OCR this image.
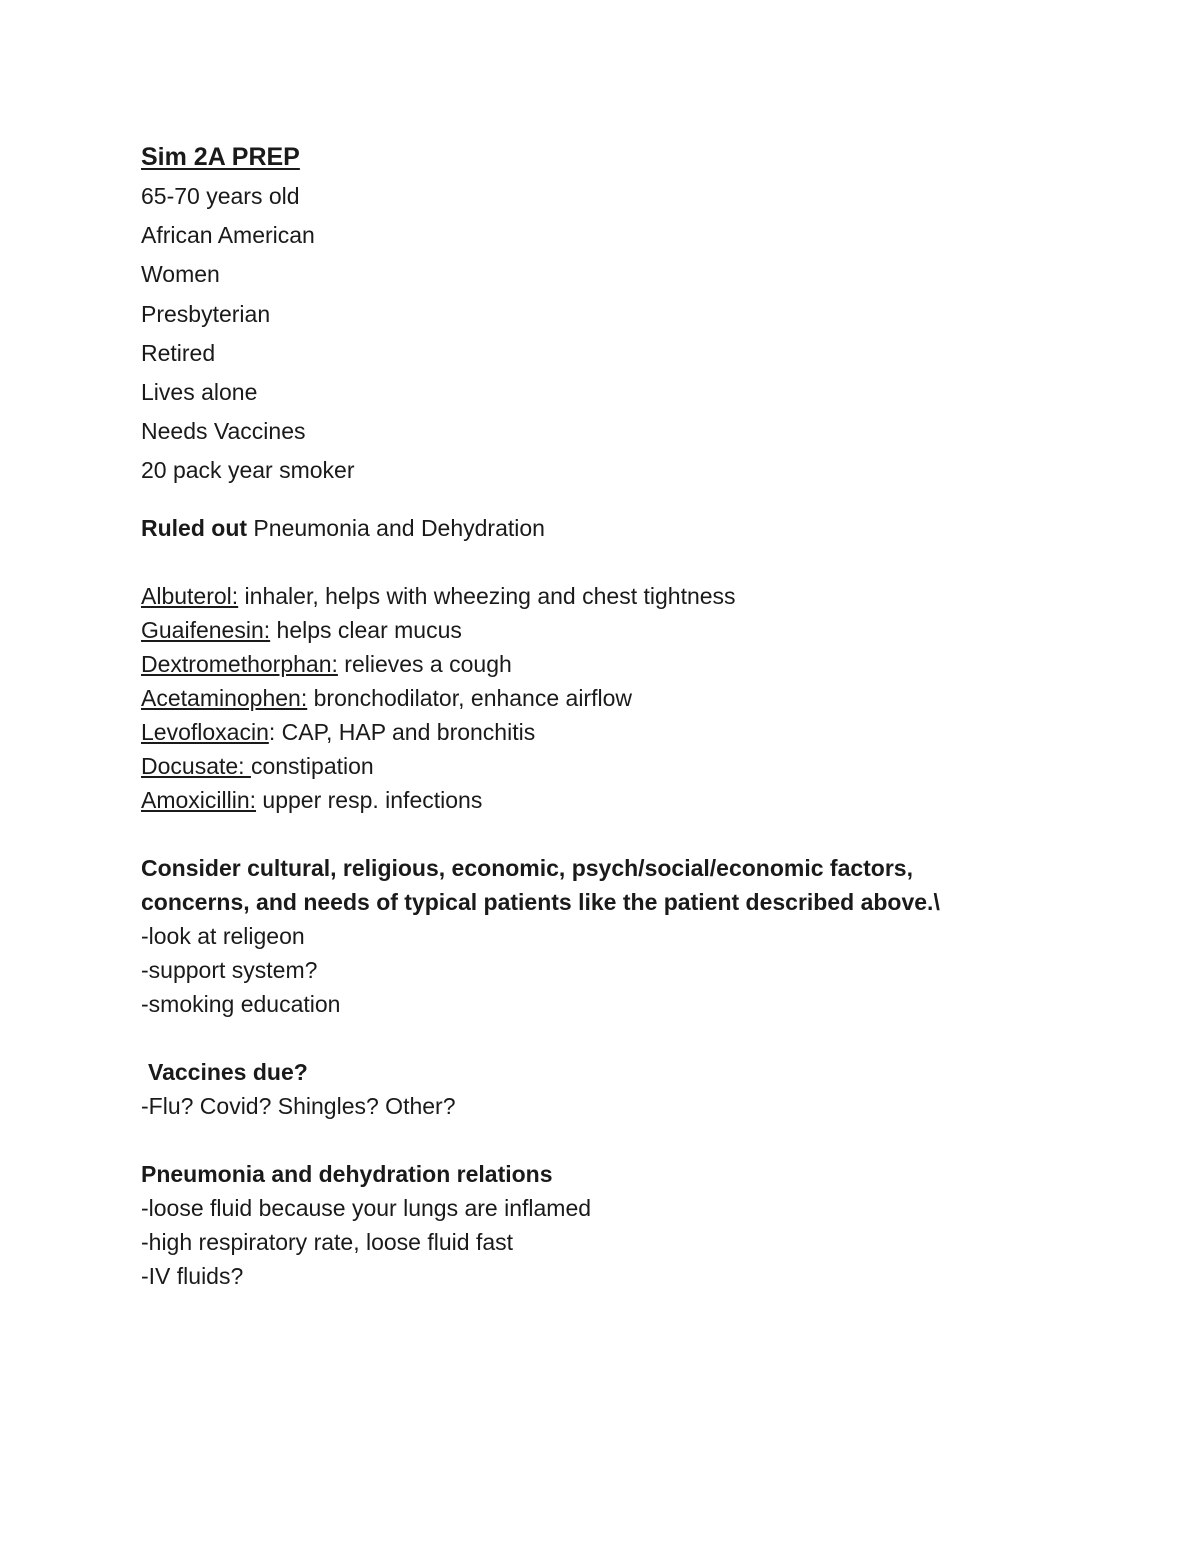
Sim 2A PREP
65-70 years old
African American
Women
Presbyterian
Retired
Lives alone
Needs Vaccines
20 pack year smoker
Ruled out Pneumonia and Dehydration
Albuterol: inhaler, helps with wheezing and chest tightness
Guaifenesin: helps clear mucus
Dextromethorphan: relieves a cough
Acetaminophen: bronchodilator, enhance airflow
Levofloxacin: CAP, HAP and bronchitis
Docusate: constipation
Amoxicillin: upper resp. infections
Consider cultural, religious, economic, psych/social/economic factors,
concerns, and needs of typical patients like the patient described above.\
-look at religeon
-support system?
-smoking education
Vaccines due?
-Flu? Covid? Shingles? Other?
Pneumonia and dehydration relations
-loose fluid because your lungs are inflamed
-high respiratory rate, loose fluid fast
-IV fluids?
